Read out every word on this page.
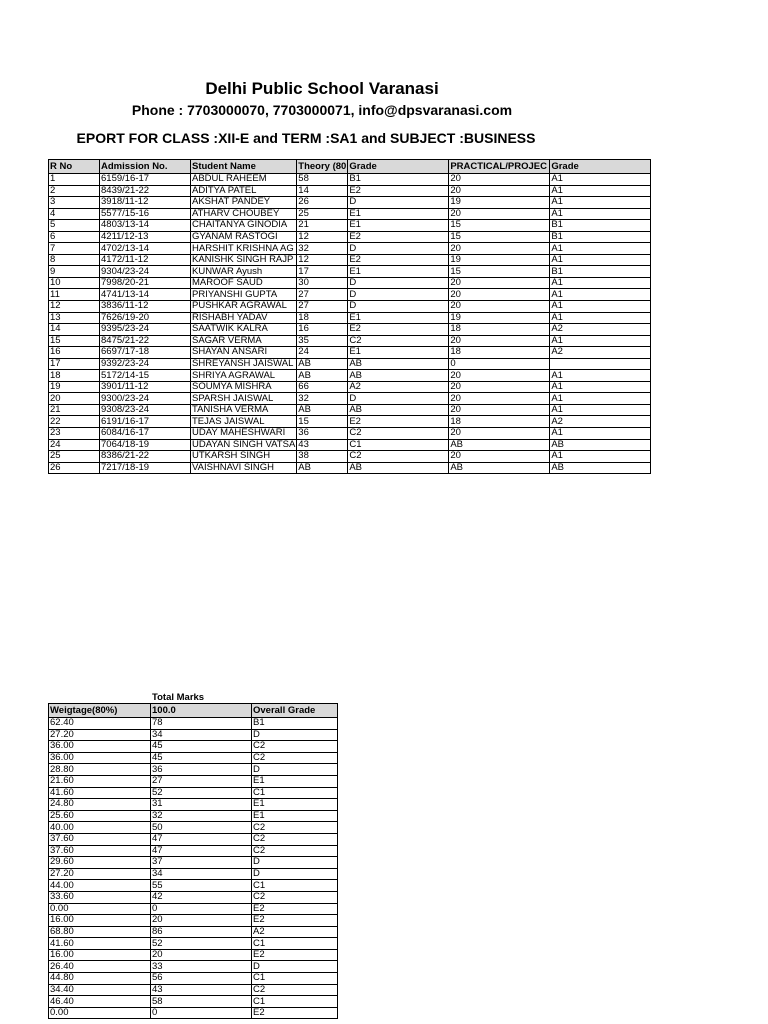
Delhi Public School Varanasi
Phone : 7703000070, 7703000071, info@dpsvaranasi.com
EPORT FOR CLASS :XII-E and TERM :SA1 and SUBJECT :BUSINESS
R No	Admission No.	Student Name	Theory (80	Grade	PRACTICAL/PROJEC	Grade
1	6159/16-17	ABDUL RAHEEM	58	B1	20	A1
2	8439/21-22	ADITYA PATEL	14	E2	20	A1
3	3918/11-12	AKSHAT PANDEY	26	D	19	A1
4	5577/15-16	ATHARV CHOUBEY	25	E1	20	A1
5	4803/13-14	CHAITANYA GINODIA	21	E1	15	B1
6	4211/12-13	GYANAM RASTOGI	12	E2	15	B1
7	4702/13-14	HARSHIT KRISHNA AG	32	D	20	A1
8	4172/11-12	KANISHK SINGH RAJP	12	E2	19	A1
9	9304/23-24	KUNWAR Ayush	17	E1	15	B1
10	7998/20-21	MAROOF SAUD	30	D	20	A1
11	4741/13-14	PRIYANSHI GUPTA	27	D	20	A1
12	3836/11-12	PUSHKAR AGRAWAL	27	D	20	A1
13	7626/19-20	RISHABH YADAV	18	E1	19	A1
14	9395/23-24	SAATWIK KALRA	16	E2	18	A2
15	8475/21-22	SAGAR VERMA	35	C2	20	A1
16	6697/17-18	SHAYAN ANSARI	24	E1	18	A2
17	9392/23-24	SHREYANSH JAISWAL	AB	AB	0	
18	5172/14-15	SHRIYA AGRAWAL	AB	AB	20	A1
19	3901/11-12	SOUMYA MISHRA	66	A2	20	A1
20	9300/23-24	SPARSH JAISWAL	32	D	20	A1
21	9308/23-24	TANISHA VERMA	AB	AB	20	A1
22	6191/16-17	TEJAS JAISWAL	15	E2	18	A2
23	6084/16-17	UDAY MAHESHWARI	36	C2	20	A1
24	7064/18-19	UDAYAN SINGH VATSA	43	C1	AB	AB
25	8386/21-22	UTKARSH SINGH	38	C2	20	A1
26	7217/18-19	VAISHNAVI SINGH	AB	AB	AB	AB
Total Marks
Weigtage(80%)	100.0	Overall Grade
62.40	78	B1
27.20	34	D
36.00	45	C2
36.00	45	C2
28.80	36	D
21.60	27	E1
41.60	52	C1
24.80	31	E1
25.60	32	E1
40.00	50	C2
37.60	47	C2
37.60	47	C2
29.60	37	D
27.20	34	D
44.00	55	C1
33.60	42	C2
0.00	0	E2
16.00	20	E2
68.80	86	A2
41.60	52	C1
16.00	20	E2
26.40	33	D
44.80	56	C1
34.40	43	C2
46.40	58	C1
0.00	0	E2
